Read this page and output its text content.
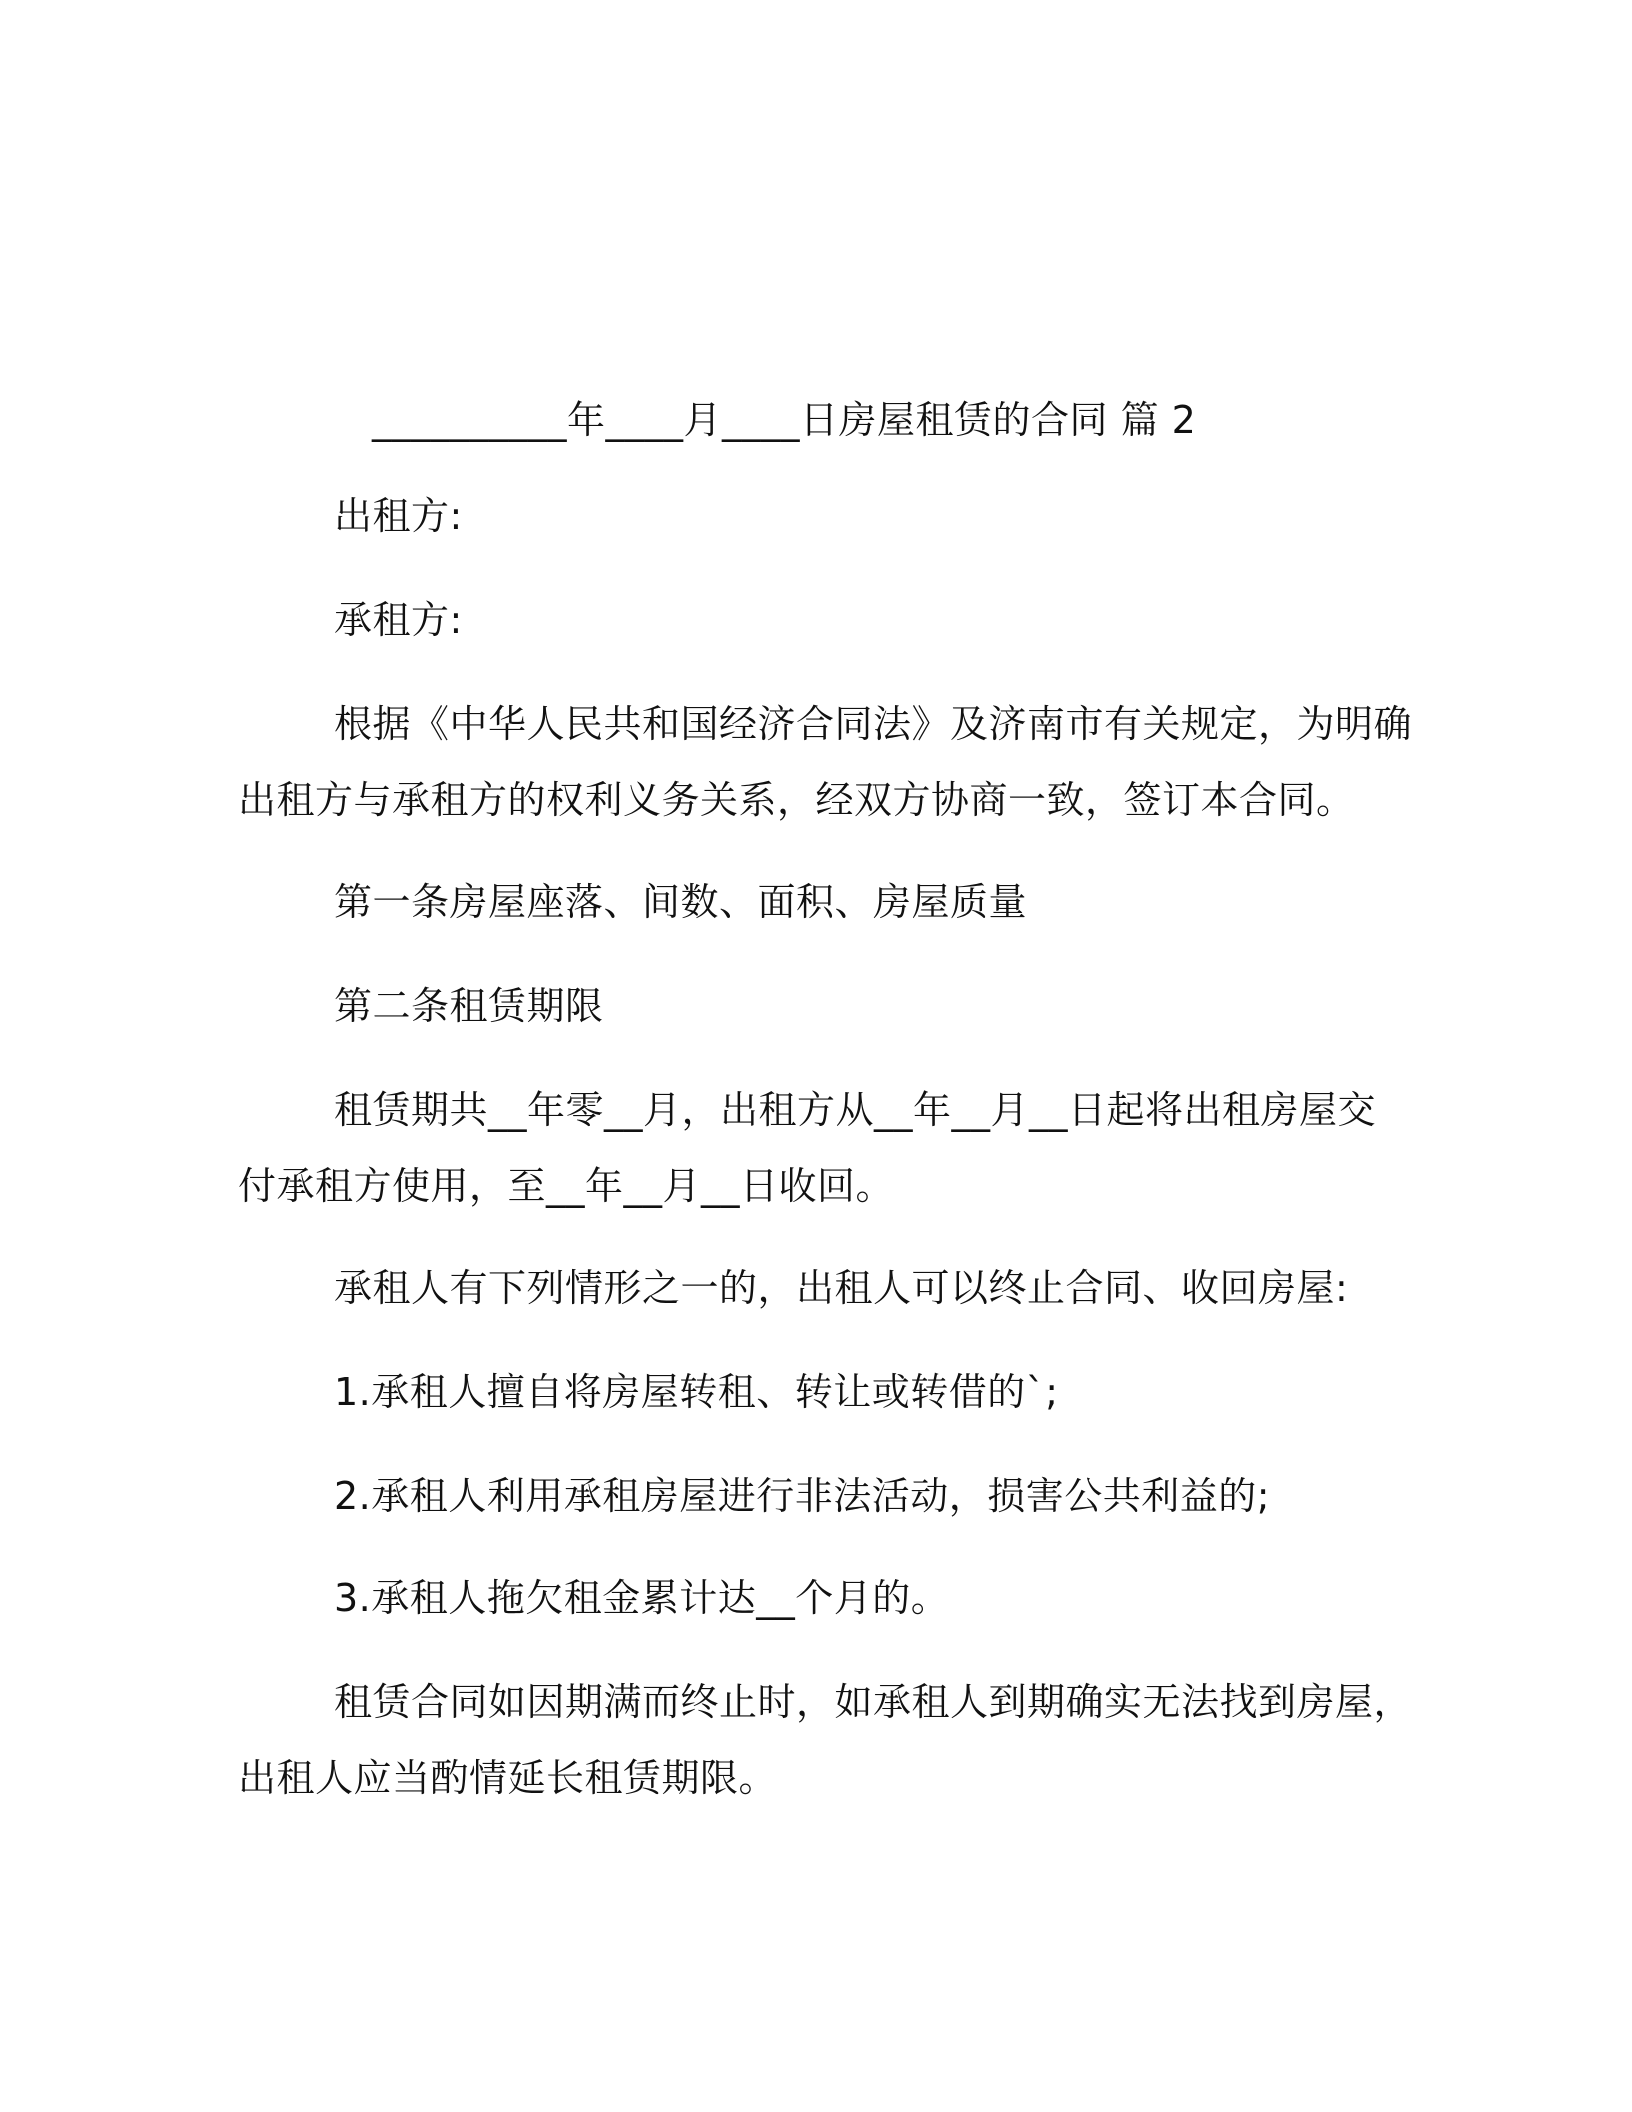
__________年____月____日房屋租赁的合同 篇 2
出租方:
承租方:
根据《中华人民共和国经济合同法》及济南市有关规定，为明确
出租方与承租方的权利义务关系，经双方协商一致，签订本合同。
第一条房屋座落、间数、面积、房屋质量
第二条租赁期限
租赁期共__年零__月，出租方从__年__月__日起将出租房屋交
付承租方使用，至__年__月__日收回。
承租人有下列情形之一的，出租人可以终止合同、收回房屋:
1.承租人擅自将房屋转租、转让或转借的`;
2.承租人利用承租房屋进行非法活动，损害公共利益的;
3.承租人拖欠租金累计达__个月的。
租赁合同如因期满而终止时，如承租人到期确实无法找到房屋，
出租人应当酌情延长租赁期限。
